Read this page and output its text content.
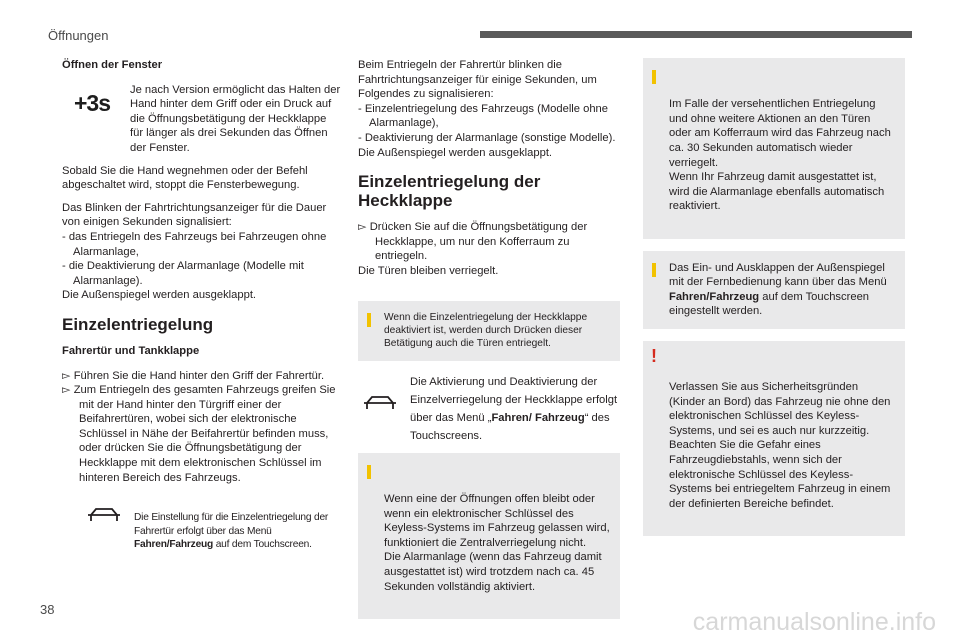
Öffnungen
Öffnen der Fenster
+3s
Je nach Version ermöglicht das Halten der Hand hinter dem Griff oder ein Druck auf die Öffnungsbetätigung der Heckklappe für länger als drei Sekunden das Öffnen der Fenster.

Sobald Sie die Hand wegnehmen oder der Befehl abgeschaltet wird, stoppt die Fensterbewegung.

Das Blinken der Fahrtrichtungsanzeiger für die Dauer von einigen Sekunden signalisiert:
- das Entriegeln des Fahrzeugs bei Fahrzeugen ohne Alarmanlage,
- die Deaktivierung der Alarmanlage (Modelle mit Alarmanlage).
Die Außenspiegel werden ausgeklappt.
Einzelentriegelung
Fahrertür und Tankklappe
▻ Führen Sie die Hand hinter den Griff der Fahrertür.
▻ Zum Entriegeln des gesamten Fahrzeugs greifen Sie mit der Hand hinter den Türgriff einer der Beifahrertüren, wobei sich der elektronische Schlüssel in Nähe der Beifahrertür befinden muss, oder drücken Sie die Öffnungsbetätigung der Heckklappe mit dem elektronischen Schlüssel im hinteren Bereich des Fahrzeugs.
Die Einstellung für die Einzelentriegelung der Fahrertür erfolgt über das Menü Fahren/Fahrzeug auf dem Touchscreen.
Beim Entriegeln der Fahrertür blinken die Fahrtrichtungsanzeiger für einige Sekunden, um Folgendes zu signalisieren:
- Einzelentriegelung des Fahrzeugs (Modelle ohne Alarmanlage),
- Deaktivierung der Alarmanlage (sonstige Modelle).
Die Außenspiegel werden ausgeklappt.
Einzelentriegelung der Heckklappe
▻ Drücken Sie auf die Öffnungsbetätigung der Heckklappe, um nur den Kofferraum zu entriegeln.

Die Türen bleiben verriegelt.

Wenn die Einzelentriegelung der Heckklappe deaktiviert ist, werden durch Drücken dieser Betätigung auch die Türen entriegelt.
Die Aktivierung und Deaktivierung der Einzelverriegelung der Heckklappe erfolgt über das Menü „Fahren/ Fahrzeug“ des Touchscreens.

Wenn eine der Öffnungen offen bleibt oder wenn ein elektronischer Schlüssel des Keyless-Systems im Fahrzeug gelassen wird, funktioniert die Zentralverriegelung nicht.
Die Alarmanlage (wenn das Fahrzeug damit ausgestattet ist) wird trotzdem nach ca. 45 Sekunden vollständig aktiviert.

Im Falle der versehentlichen Entriegelung und ohne weitere Aktionen an den Türen oder am Kofferraum wird das Fahrzeug nach ca. 30 Sekunden automatisch wieder verriegelt.
Wenn Ihr Fahrzeug damit ausgestattet ist, wird die Alarmanlage ebenfalls automatisch reaktiviert.

Das Ein- und Ausklappen der Außenspiegel mit der Fernbedienung kann über das Menü Fahren/Fahrzeug auf dem Touchscreen eingestellt werden.

!

Verlassen Sie aus Sicherheitsgründen (Kinder an Bord) das Fahrzeug nie ohne den elektronischen Schlüssel des Keyless-Systems, und sei es auch nur kurzzeitig.
Beachten Sie die Gefahr eines Fahrzeugdiebstahls, wenn sich der elektronische Schlüssel des Keyless-Systems bei entriegeltem Fahrzeug in einem der definierten Bereiche befindet.

38	carmanualsonline.info
